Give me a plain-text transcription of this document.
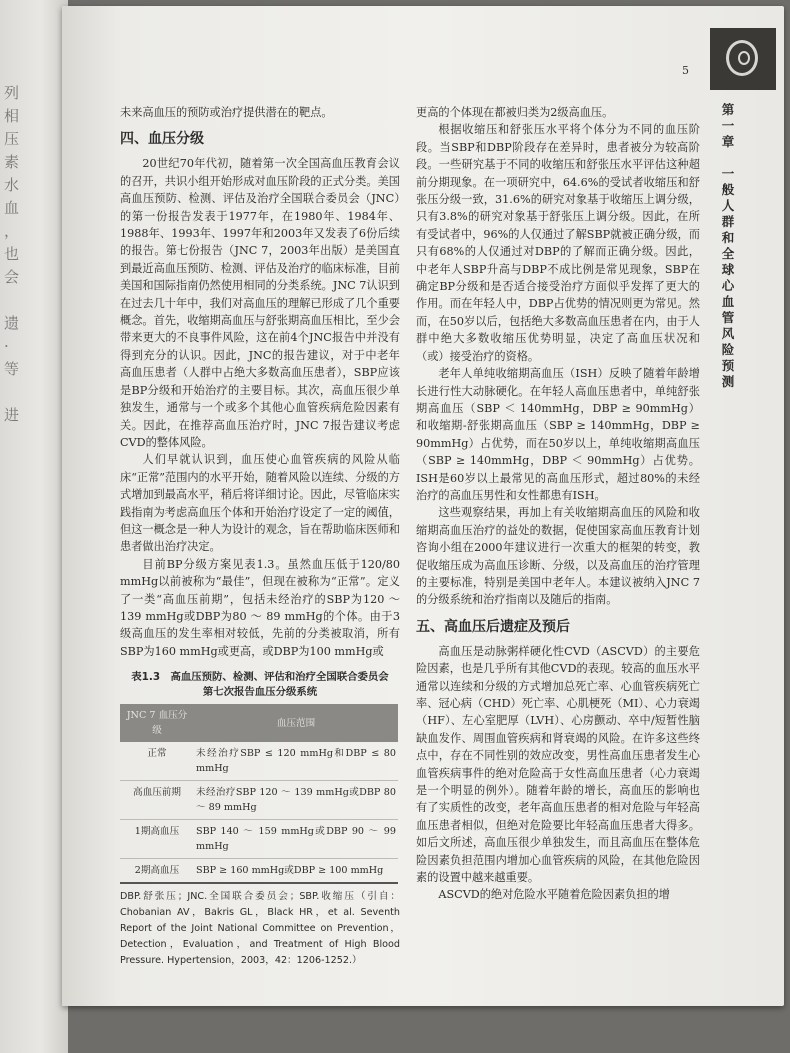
列
相
压
素
水
血
，
也
会

遗
·
等

进
5
第
一
章

一
般
人
群
和
全
球
心
血
管
风
险
预
测

未来高血压的预防或治疗提供潜在的靶点。

四、血压分级

20世纪70年代初，随着第一次全国高血压教育会议的召开，共识小组开始形成对血压阶段的正式分类。美国高血压预防、检测、评估及治疗全国联合委员会（JNC）的第一份报告发表于1977年，在1980年、1984年、1988年、1993年、1997年和2003年又发表了6份后续的报告。第七份报告（JNC 7，2003年出版）是美国直到最近高血压预防、检测、评估及治疗的临床标准，目前美国和国际指南仍然使用相同的分类系统。JNC 7认识到在过去几十年中，我们对高血压的理解已形成了几个重要概念。首先，收缩期高血压与舒张期高血压相比，至少会带来更大的不良事件风险，这在前4个JNC报告中并没有得到充分的认识。因此，JNC的报告建议，对于中老年高血压患者（人群中占绝大多数高血压患者），SBP应该是BP分级和开始治疗的主要目标。其次，高血压很少单独发生，通常与一个或多个其他心血管疾病危险因素有关。因此，在推荐高血压治疗时，JNC 7报告建议考虑CVD的整体风险。

人们早就认识到，血压使心血管疾病的风险从临床“正常”范围内的水平开始，随着风险以连续、分级的方式增加到最高水平，稍后将详细讨论。因此，尽管临床实践指南为考虑高血压个体和开始治疗设定了一定的阈值，但这一概念是一种人为设计的观念，旨在帮助临床医师和患者做出治疗决定。

目前BP分级方案见表1.3。虽然血压低于120/80 mmHg以前被称为“最佳”，但现在被称为“正常”。定义了一类“高血压前期”，包括未经治疗的SBP为120 ～ 139 mmHg或DBP为80 ～ 89 mmHg的个体。由于3级高血压的发生率相对较低，先前的分类被取消，所有SBP为160 mmHg或更高，或DBP为100 mmHg或

表1.3　高血压预防、检测、评估和治疗全国联合委员会
第七次报告血压分级系统
JNC 7 血压分级	血压范围
正常	未经治疗SBP ≤ 120 mmHg和DBP ≤ 80 mmHg
高血压前期	未经治疗SBP 120 ～ 139 mmHg或DBP 80 ～ 89 mmHg
1期高血压	SBP 140 ～ 159 mmHg或DBP 90 ～ 99 mmHg
2期高血压	SBP ≥ 160 mmHg或DBP ≥ 100 mmHg
DBP.舒张压；JNC.全国联合委员会；SBP.收缩压（引自：Chobanian AV，Bakris GL，Black HR，et al. Seventh Report of the Joint National Committee on Prevention，Detection，Evaluation，and Treatment of High Blood Pressure. Hypertension，2003，42：1206-1252.）

更高的个体现在都被归类为2级高血压。

根据收缩压和舒张压水平将个体分为不同的血压阶段。当SBP和DBP阶段存在差异时，患者被分为较高阶段。一些研究基于不同的收缩压和舒张压水平评估这种超前分期现象。在一项研究中，64.6%的受试者收缩压和舒张压分级一致，31.6%的研究对象基于收缩压上调分级，只有3.8%的研究对象基于舒张压上调分级。因此，在所有受试者中，96%的人仅通过了解SBP就被正确分级，而只有68%的人仅通过对DBP的了解而正确分级。因此，中老年人SBP升高与DBP不成比例是常见现象，SBP在确定BP分级和是否适合接受治疗方面似乎发挥了更大的作用。而在年轻人中，DBP占优势的情况则更为常见。然而，在50岁以后，包括绝大多数高血压患者在内，由于人群中绝大多数收缩压优势明显，决定了高血压状况和（或）接受治疗的资格。

老年人单纯收缩期高血压（ISH）反映了随着年龄增长进行性大动脉硬化。在年轻人高血压患者中，单纯舒张期高血压（SBP ＜ 140mmHg，DBP ≥ 90mmHg）和收缩期-舒张期高血压（SBP ≥ 140mmHg，DBP ≥ 90mmHg）占优势，而在50岁以上，单纯收缩期高血压（SBP ≥ 140mmHg，DBP ＜ 90mmHg）占优势。ISH是60岁以上最常见的高血压形式，超过80%的未经治疗的高血压男性和女性都患有ISH。

这些观察结果，再加上有关收缩期高血压的风险和收缩期高血压治疗的益处的数据，促使国家高血压教育计划咨询小组在2000年建议进行一次重大的框架的转变，教促收缩压成为高血压诊断、分级，以及高血压的治疗管理的主要标准，特别是美国中老年人。本建议被纳入JNC 7的分级系统和治疗指南以及随后的指南。

五、高血压后遗症及预后

高血压是动脉粥样硬化性CVD（ASCVD）的主要危险因素，也是几乎所有其他CVD的表现。较高的血压水平通常以连续和分级的方式增加总死亡率、心血管疾病死亡率、冠心病（CHD）死亡率、心肌梗死（MI）、心力衰竭（HF）、左心室肥厚（LVH）、心房颤动、卒中/短暂性脑缺血发作、周围血管疾病和肾衰竭的风险。在许多这些终点中，存在不同性别的效应改变，男性高血压患者发生心血管疾病事件的绝对危险高于女性高血压患者（心力衰竭是一个明显的例外）。随着年龄的增长，高血压的影响也有了实质性的改变，老年高血压患者的相对危险与年轻高血压患者相似，但绝对危险要比年轻高血压患者大得多。如后文所述，高血压很少单独发生，而且高血压在整体危险因素负担范围内增加心血管疾病的风险，在其他危险因素的设置中越来越重要。

ASCVD的绝对危险水平随着危险因素负担的增
